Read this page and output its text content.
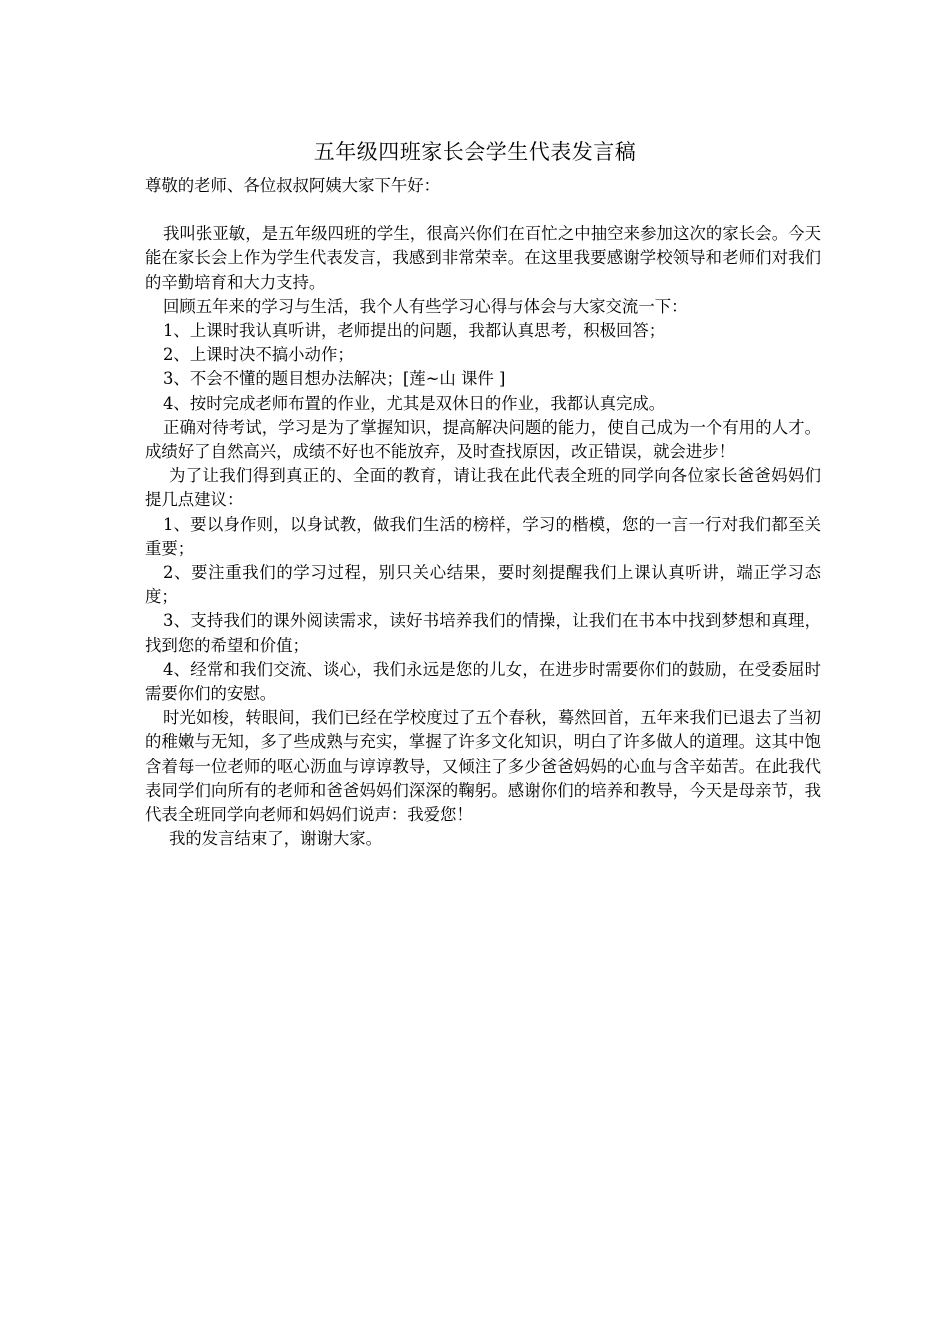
五年级四班家长会学生代表发言稿

尊敬的老师、各位叔叔阿姨大家下午好：

我叫张亚敏，是五年级四班的学生，很高兴你们在百忙之中抽空来参加这次的家长会。今天能在家长会上作为学生代表发言，我感到非常荣幸。在这里我要感谢学校领导和老师们对我们的辛勤培育和大力支持。

回顾五年来的学习与生活，我个人有些学习心得与体会与大家交流一下：

1、上课时我认真听讲，老师提出的问题，我都认真思考，积极回答；

2、上课时决不搞小动作；

3、不会不懂的题目想办法解决；[莲~山 课件 ]

4、按时完成老师布置的作业，尤其是双休日的作业，我都认真完成。

正确对待考试，学习是为了掌握知识，提高解决问题的能力，使自己成为一个有用的人才。成绩好了自然高兴，成绩不好也不能放弃，及时查找原因，改正错误，就会进步！

为了让我们得到真正的、全面的教育，请让我在此代表全班的同学向各位家长爸爸妈妈们提几点建议：

1、要以身作则，以身试教，做我们生活的榜样，学习的楷模，您的一言一行对我们都至关重要；

2、要注重我们的学习过程，别只关心结果，要时刻提醒我们上课认真听讲，端正学习态度；

3、支持我们的课外阅读需求，读好书培养我们的情操，让我们在书本中找到梦想和真理，找到您的希望和价值；

4、经常和我们交流、谈心，我们永远是您的儿女，在进步时需要你们的鼓励，在受委屈时需要你们的安慰。

时光如梭，转眼间，我们已经在学校度过了五个春秋，蓦然回首，五年来我们已退去了当初的稚嫩与无知，多了些成熟与充实，掌握了许多文化知识，明白了许多做人的道理。这其中饱含着每一位老师的呕心沥血与谆谆教导，又倾注了多少爸爸妈妈的心血与含辛茹苦。在此我代表同学们向所有的老师和爸爸妈妈们深深的鞠躬。感谢你们的培养和教导，今天是母亲节，我代表全班同学向老师和妈妈们说声：我爱您！

我的发言结束了，谢谢大家。
